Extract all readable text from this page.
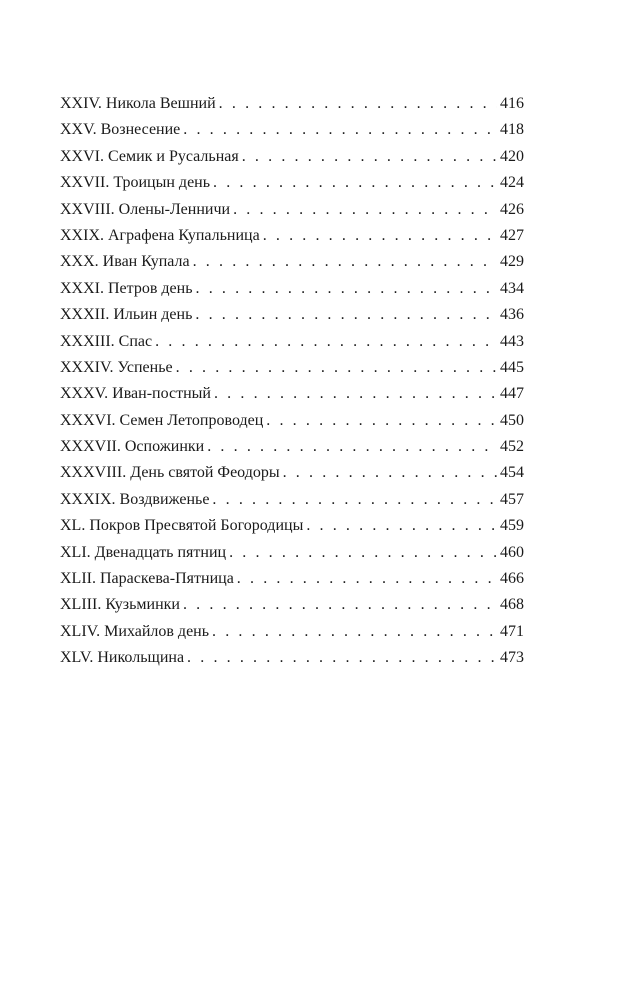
XXIV. Никола Вешний . . .	416
XXV. Вознесение . . .	418
XXVI. Семик и Русальная . . .	420
XXVII. Троицын день . . .	424
XXVIII. Олены-Ленничи . . .	426
XXIX. Аграфена Купальница . . .	427
XXX. Иван Купала . . .	429
XXXI. Петров день . . .	434
XXXII. Ильин день . . .	436
XXXIII. Спас . . .	443
XXXIV. Успенье . . .	445
XXXV. Иван-постный . . .	447
XXXVI. Семен Летопроводец . . .	450
XXXVII. Оспожинки . . .	452
XXXVIII. День святой Феодоры . . .	454
XXXIX. Воздвиженье . . .	457
XL. Покров Пресвятой Богородицы . . .	459
XLI. Двенадцать пятниц . . .	460
XLII. Параскева-Пятница . . .	466
XLIII. Кузьминки . . .	468
XLIV. Михайлов день . . .	471
XLV. Никольщина . . .	473
